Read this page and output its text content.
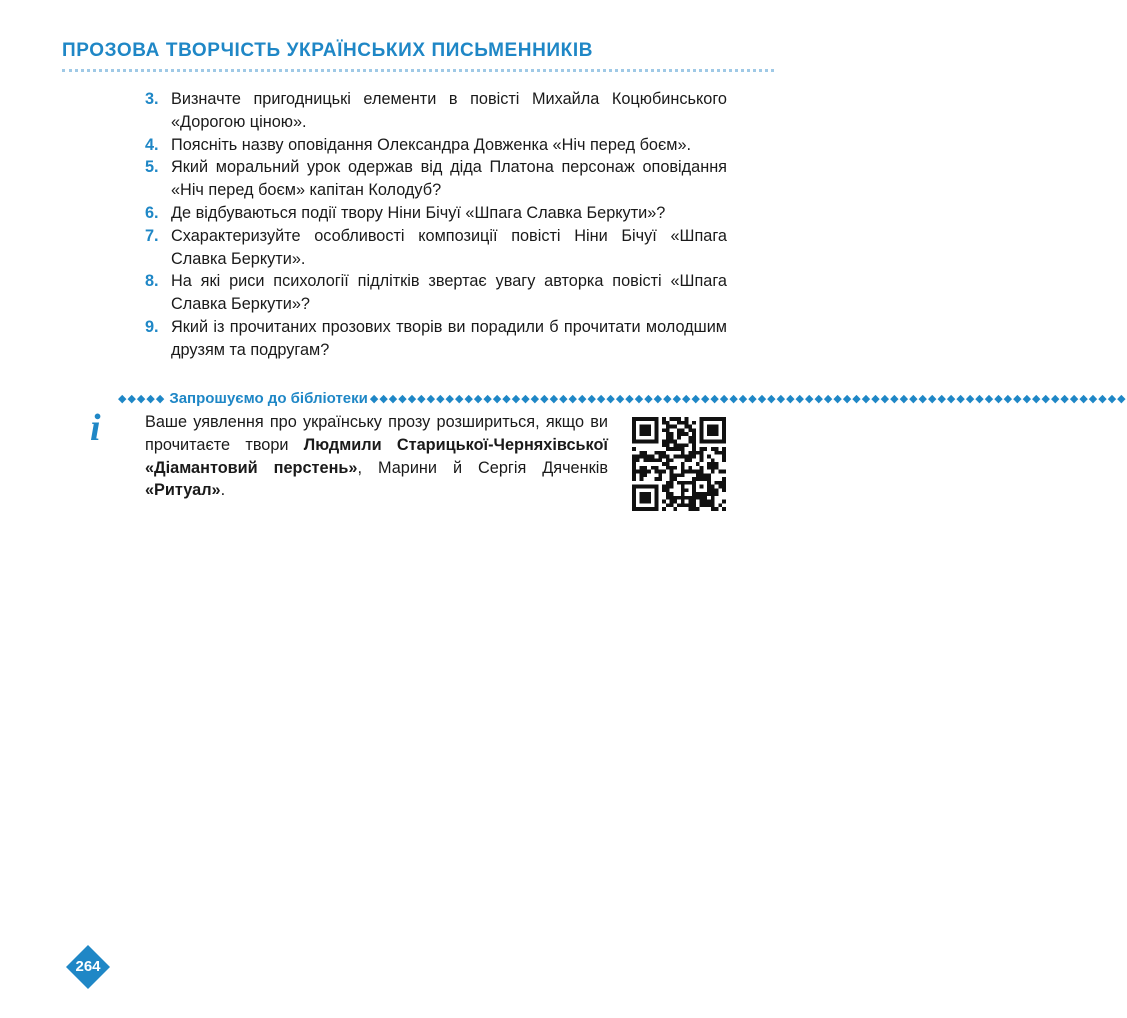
ПРОЗОВА ТВОРЧІСТЬ УКРАЇНСЬКИХ ПИСЬМЕННИКІВ
3. Визначте пригодницькі елементи в повісті Михайла Коцюбинського «Дорогою ціною».
4. Поясніть назву оповідання Олександра Довженка «Ніч перед боєм».
5. Який моральний урок одержав від діда Платона персонаж оповідання «Ніч перед боєм» капітан Колодуб?
6. Де відбуваються події твору Ніни Бічуї «Шпага Славка Беркути»?
7. Схарактеризуйте особливості композиції повісті Ніни Бічуї «Шпага Славка Беркути».
8. На які риси психології підлітків звертає увагу авторка повісті «Шпага Славка Беркути»?
9. Який із прочитаних прозових творів ви порадили б прочитати молодшим друзям та подругам?
◆◆◆◆◆ Запрошуємо до бібліотеки ◆◆◆◆◆◆◆◆◆◆◆◆◆◆◆◆◆◆◆◆◆◆◆◆◆◆◆◆◆◆◆◆◆◆◆◆◆◆◆◆◆◆◆◆◆◆◆◆◆◆◆◆◆◆◆◆◆◆◆◆◆◆◆◆◆◆◆◆◆◆◆◆◆◆◆◆◆◆◆◆
i	Ваше уявлення про українську прозу розшириться, якщо ви прочитаєте твори Людмили Старицької-Черняхівської «Діамантовий перстень», Марини й Сергія Дяченків «Ритуал».

264
